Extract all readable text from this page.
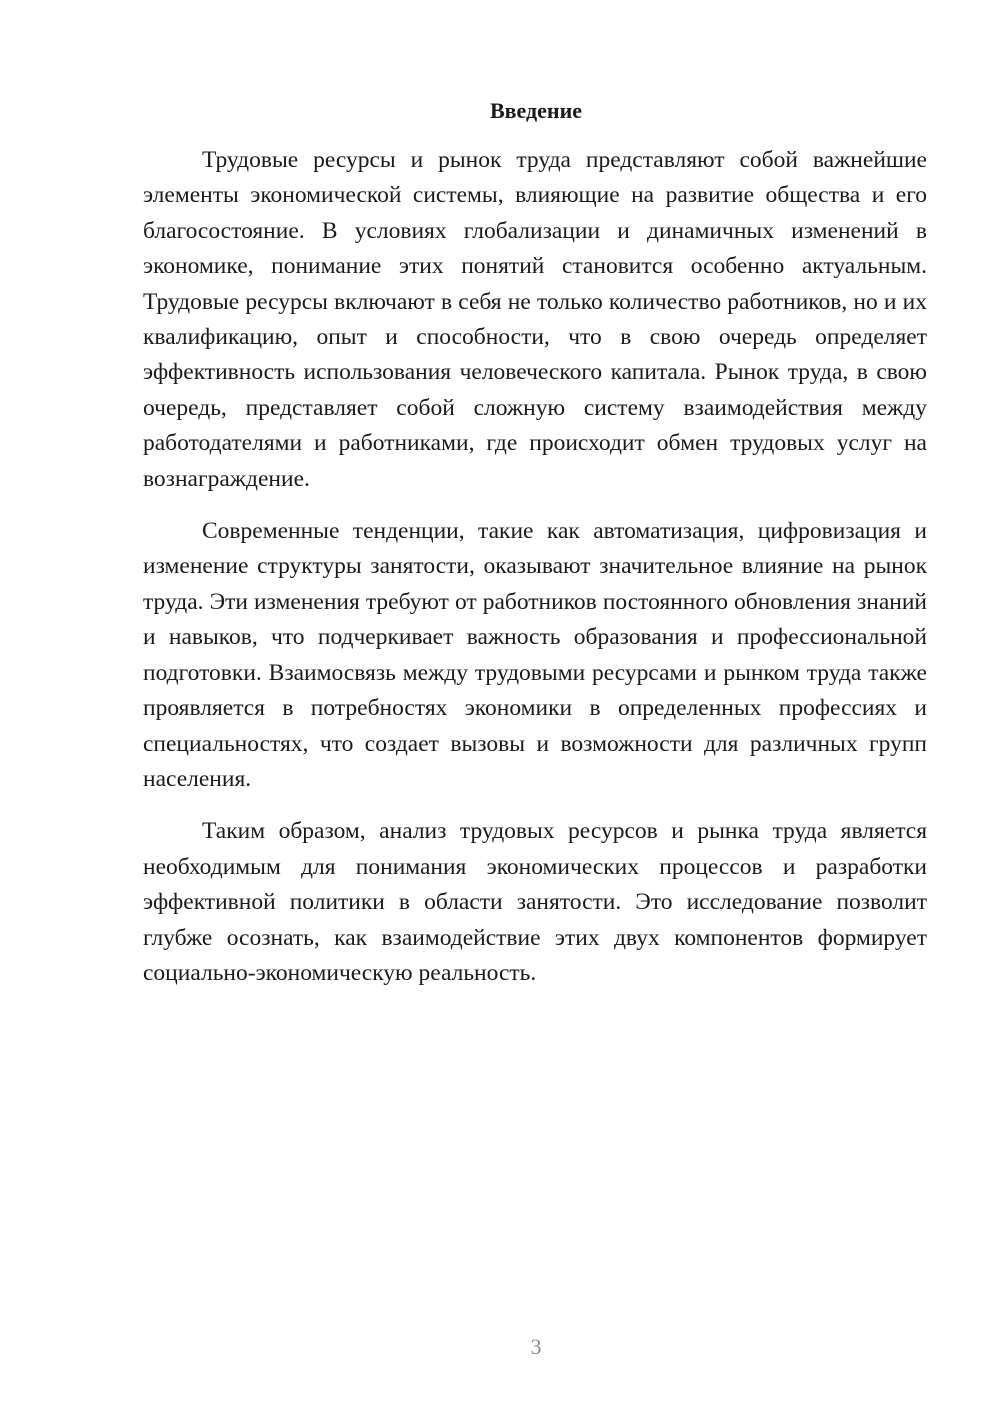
Введение

Трудовые ресурсы и рынок труда представляют собой важнейшие элементы экономической системы, влияющие на развитие общества и его благосостояние. В условиях глобализации и динамичных изменений в экономике, понимание этих понятий становится особенно актуальным. Трудовые ресурсы включают в себя не только количество работников, но и их квалификацию, опыт и способности, что в свою очередь определяет эффективность использования человеческого капитала. Рынок труда, в свою очередь, представляет собой сложную систему взаимодействия между работодателями и работниками, где происходит обмен трудовых услуг на вознаграждение.

Современные тенденции, такие как автоматизация, цифровизация и изменение структуры занятости, оказывают значительное влияние на рынок труда. Эти изменения требуют от работников постоянного обновления знаний и навыков, что подчеркивает важность образования и профессиональной подготовки. Взаимосвязь между трудовыми ресурсами и рынком труда также проявляется в потребностях экономики в определенных профессиях и специальностях, что создает вызовы и возможности для различных групп населения.

Таким образом, анализ трудовых ресурсов и рынка труда является необходимым для понимания экономических процессов и разработки эффективной политики в области занятости. Это исследование позволит глубже осознать, как взаимодействие этих двух компонентов формирует социально-экономическую реальность.

3
